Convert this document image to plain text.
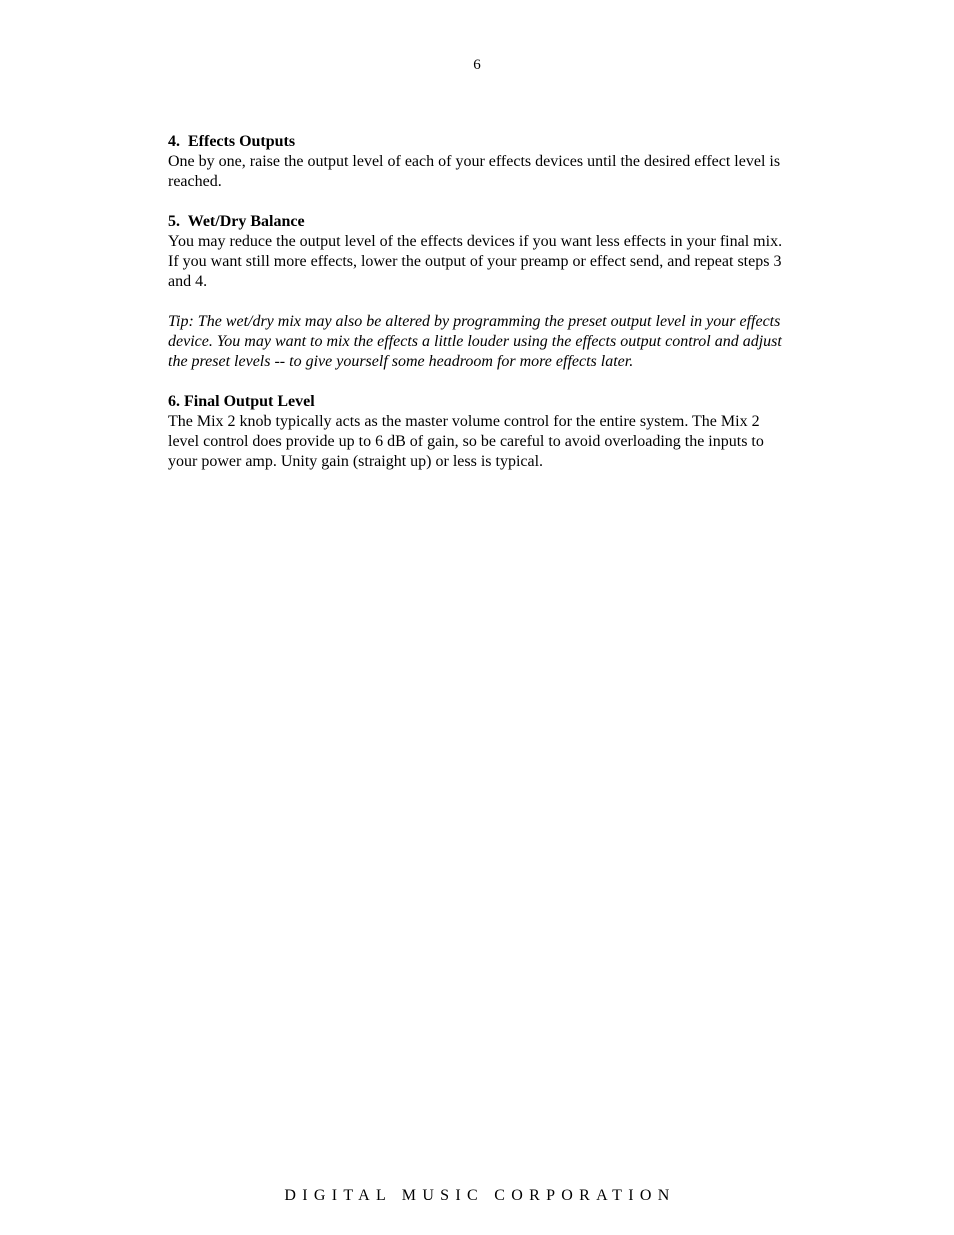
6

4.  Effects Outputs

One by one, raise the output level of each of your effects devices until the desired effect level is
reached.

5.  Wet/Dry Balance

You may reduce the output level of the effects devices if you want less effects in your final mix.
If you want still more effects, lower the output of your preamp or effect send, and repeat steps 3
and 4.

Tip: The wet/dry mix may also be altered by programming the preset output level in your effects
device. You may want to mix the effects a little louder using the effects output control and adjust
the preset levels -- to give yourself some headroom for more effects later.

6. Final Output Level

The Mix 2 knob typically acts as the master volume control for the entire system. The Mix 2
level control does provide up to 6 dB of gain, so be careful to avoid overloading the inputs to
your power amp. Unity gain (straight up) or less is typical.

DIGITAL MUSIC CORPORATION
